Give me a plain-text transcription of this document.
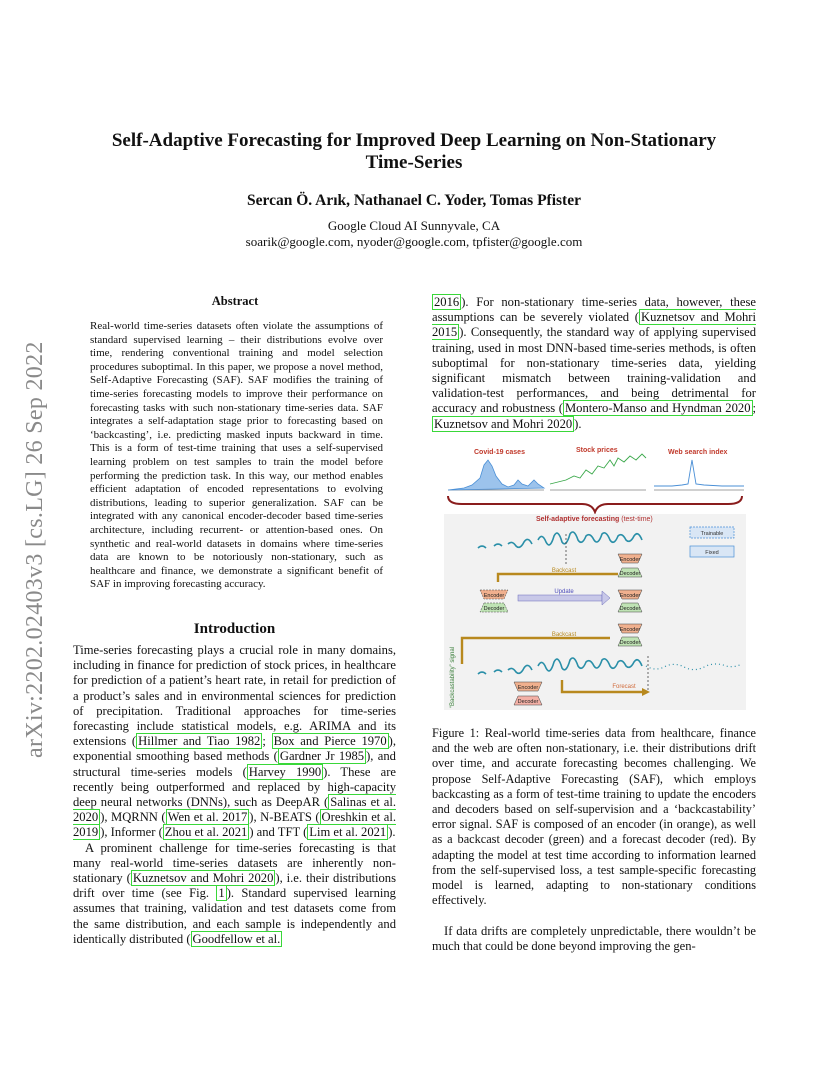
arXiv:2202.02403v3 [cs.LG] 26 Sep 2022
Self-Adaptive Forecasting for Improved Deep Learning on Non-Stationary Time-Series
Sercan Ö. Arık, Nathanael C. Yoder, Tomas Pfister
Google Cloud AI Sunnyvale, CA
soarik@google.com, nyoder@google.com, tpfister@google.com
Abstract
Real-world time-series datasets often violate the assumptions of standard supervised learning – their distributions evolve over time, rendering conventional training and model selection procedures suboptimal. In this paper, we propose a novel method, Self-Adaptive Forecasting (SAF). SAF modifies the training of time-series forecasting models to improve their performance on forecasting tasks with such non-stationary time-series data. SAF integrates a self-adaptation stage prior to forecasting based on ‘backcasting’, i.e. predicting masked inputs backward in time. This is a form of test-time training that uses a self-supervised learning problem on test samples to train the model before performing the prediction task. In this way, our method enables efficient adaptation of encoded representations to evolving distributions, leading to superior generalization. SAF can be integrated with any canonical encoder-decoder based time-series architecture, including recurrent- or attention-based ones. On synthetic and real-world datasets in domains where time-series data are known to be notoriously non-stationary, such as healthcare and finance, we demonstrate a significant benefit of SAF in improving forecasting accuracy.
Introduction

Time-series forecasting plays a crucial role in many domains, including in finance for prediction of stock prices, in healthcare for prediction of a patient’s heart rate, in retail for prediction of a product’s sales and in environmental sciences for prediction of precipitation. Traditional approaches for time-series forecasting include statistical models, e.g. ARIMA and its extensions ( Hillmer and Tiao 1982 ; Box and Pierce 1970 ), exponential smoothing based methods ( Gardner Jr 1985 ), and structural time-series models ( Harvey 1990 ). These are recently being outperformed and replaced by high-capacity deep neural networks (DNNs), such as DeepAR ( Salinas et al. 2020 ), MQRNN ( Wen et al. 2017 ), N-BEATS ( Oreshkin et al. 2019 ), Informer ( Zhou et al. 2021 ) and TFT ( Lim et al. 2021 ).

A prominent challenge for time-series forecasting is that many real-world time-series datasets are inherently non-stationary ( Kuznetsov and Mohri 2020 ), i.e. their distributions drift over time (see Fig. 1 ). Standard supervised learning assumes that training, validation and test datasets come from the same distribution, and each sample is independently and identically distributed ( Goodfellow et al.

2016 ). For non-stationary time-series data, however, these assumptions can be severely violated ( Kuznetsov and Mohri 2015 ). Consequently, the standard way of applying supervised training, used in most DNN-based time-series methods, is often suboptimal for non-stationary time-series data, yielding significant mismatch between training-validation and validation-test performances, and being detrimental for accuracy and robustness ( Montero-Manso and Hyndman 2020 ; Kuznetsov and Mohri 2020 ).
Covid-19 cases	Stock prices	Web search index
Self-adaptive forecasting (test-time)
Trainable
Fixed
Encoder
Decoder
Backcast
Encoder
Decoder
Update
Encoder
Decoder
Encoder
Decoder
Backcast
“Backcastability” signal	Encoder
Decoder
Forecast
Figure 1: Real-world time-series data from healthcare, finance and the web are often non-stationary, i.e. their distributions drift over time, and accurate forecasting becomes challenging. We propose Self-Adaptive Forecasting (SAF), which employs backcasting as a form of test-time training to update the encoders and decoders based on self-supervision and a ‘backcastability’ error signal. SAF is composed of an encoder (in orange), as well as a backcast decoder (green) and a forecast decoder (red). By adapting the model at test time according to information learned from the self-supervised loss, a test sample-specific forecasting model is learned, adapting to non-stationary conditions effectively.
If data drifts are completely unpredictable, there wouldn’t be much that could be done beyond improving the gen-
